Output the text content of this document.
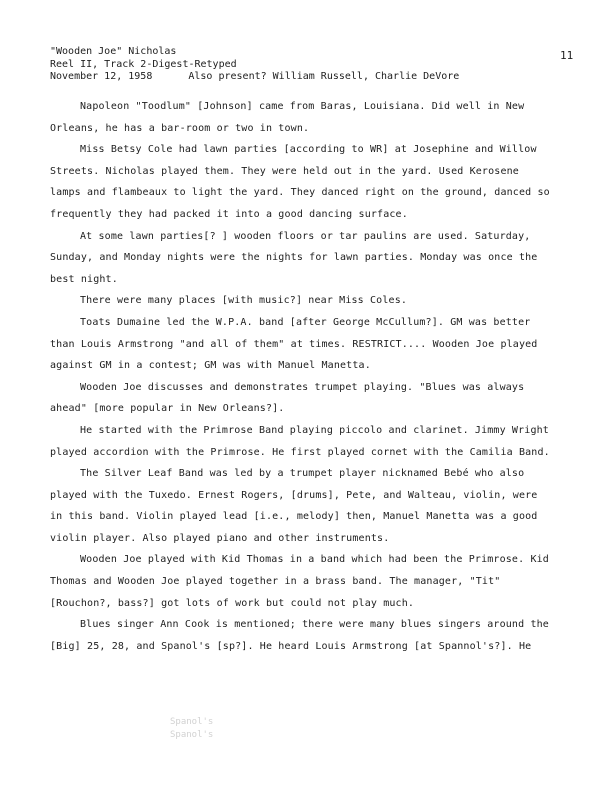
"Wooden Joe" Nicholas
Reel II, Track 2-Digest-Retyped
November 12, 1958	Also present? William Russell, Charlie DeVore
11

Napoleon "Toodlum" [Johnson] came from Baras, Louisiana. Did well in New Orleans, he has a bar-room or two in town.

Miss Betsy Cole had lawn parties [according to WR] at Josephine and Willow Streets. Nicholas played them. They were held out in the yard. Used Kerosene lamps and flambeaux to light the yard. They danced right on the ground, danced so frequently they had packed it into a good dancing surface.

At some lawn parties[? ] wooden floors or tar paulins are used. Saturday, Sunday, and Monday nights were the nights for lawn parties. Monday was once the best night.

There were many places [with music?] near Miss Coles.

Toats Dumaine led the W.P.A. band [after George McCullum?]. GM was better than Louis Armstrong "and all of them" at times. RESTRICT.... Wooden Joe played against GM in a contest; GM was with Manuel Manetta.

Wooden Joe discusses and demonstrates trumpet playing. "Blues was always ahead" [more popular in New Orleans?].

He started with the Primrose Band playing piccolo and clarinet. Jimmy Wright played accordion with the Primrose. He first played cornet with the Camilia Band.

The Silver Leaf Band was led by a trumpet player nicknamed Bebé who also played with the Tuxedo. Ernest Rogers, [drums], Pete, and Walteau, violin, were in this band. Violin played lead [i.e., melody] then, Manuel Manetta was a good violin player. Also played piano and other instruments.

Wooden Joe played with Kid Thomas in a band which had been the Primrose. Kid Thomas and Wooden Joe played together in a brass band. The manager, "Tit" [Rouchon?, bass?] got lots of work but could not play much.

Blues singer Ann Cook is mentioned; there were many blues singers around the [Big] 25, 28, and Spanol's [sp?]. He heard Louis Armstrong [at Spannol's?]. He

Spanol's
Spanol's
